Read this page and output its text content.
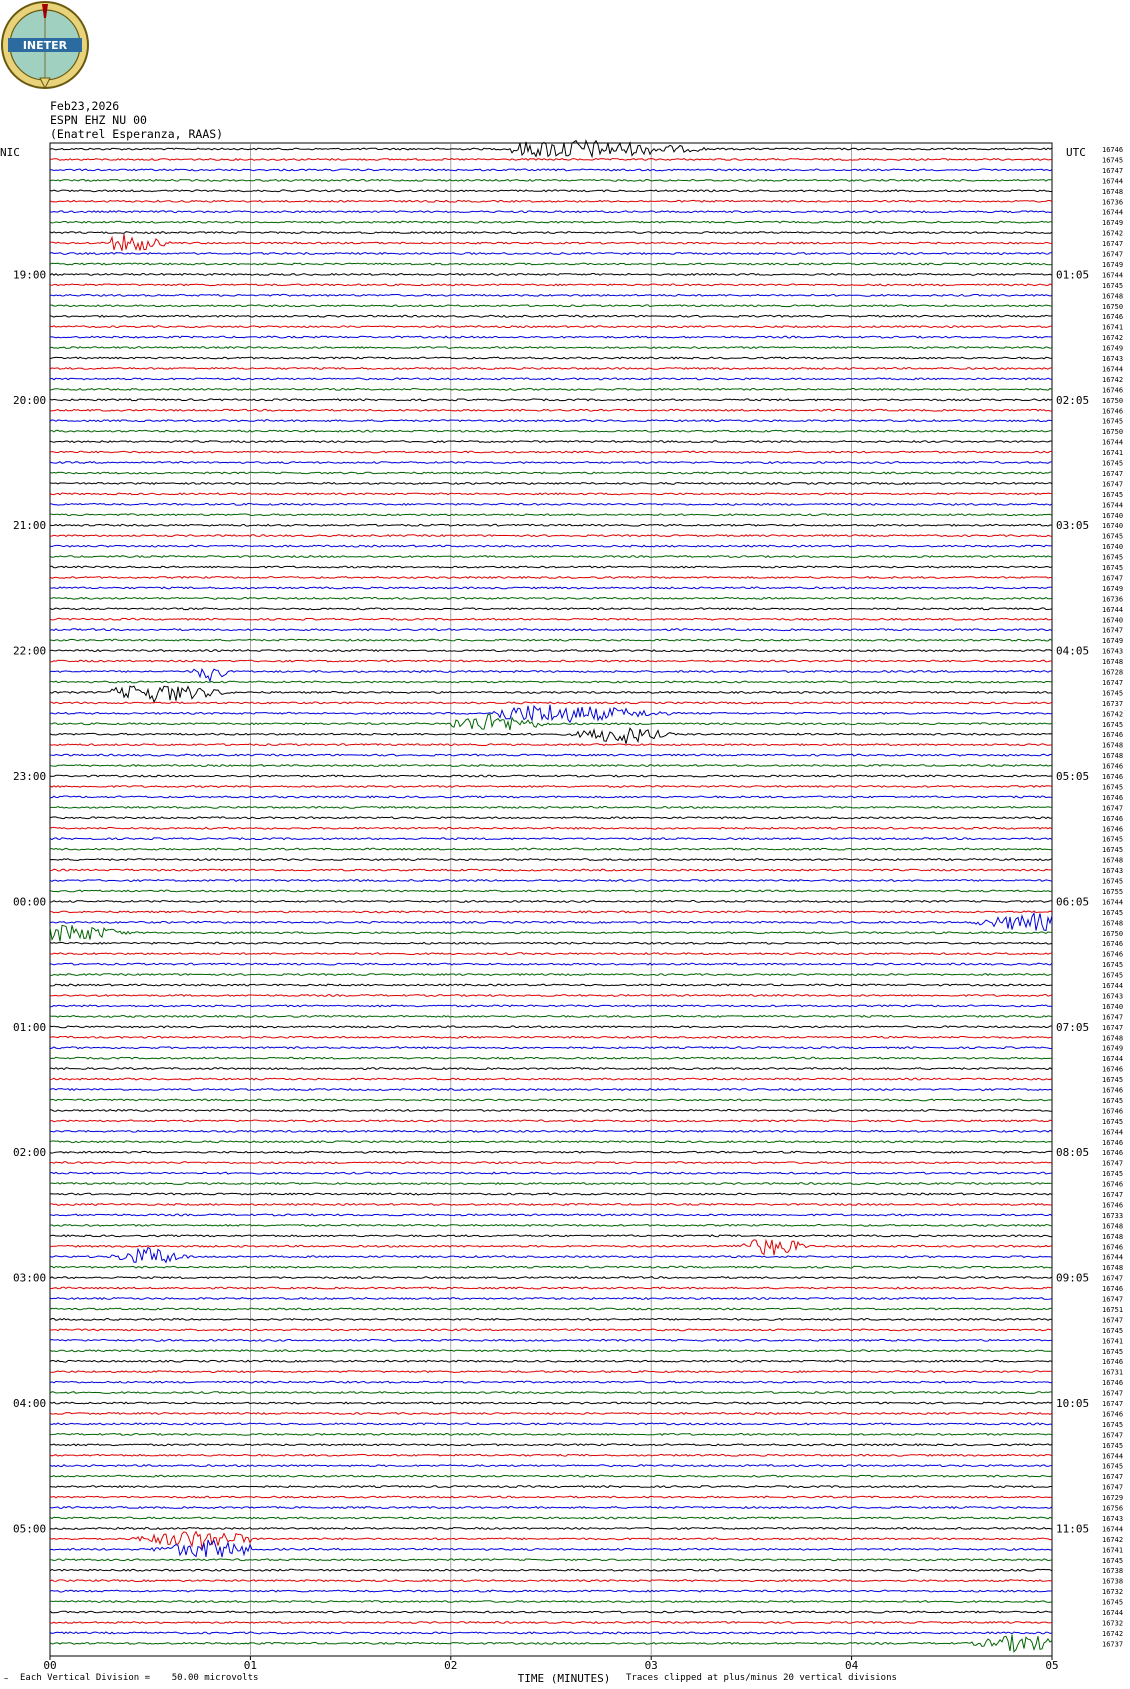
INETER
Feb23,2026
ESPN EHZ NU 00
(Enatrel Esperanza, RAAS)
NIC	UTC
19:00
20:00
21:00
22:00
23:00
00:00
01:00
02:00
03:00
04:00
05:00
01:05
02:05
03:05
04:05
05:05
06:05
07:05
08:05
09:05
10:05
11:05
16746
16745
16747
16744
16748
16736
16744
16749
16742
16747
16747
16749
16744
16745
16748
16750
16746
16741
16742
16749
16743
16744
16742
16746
16750
16746
16745
16750
16744
16741
16745
16747
16747
16745
16744
16740
16740
16745
16740
16745
16745
16747
16749
16736
16744
16740
16747
16749
16743
16748
16728
16747
16745
16737
16742
16745
16746
16748
16748
16746
16746
16745
16746
16747
16746
16746
16745
16745
16748
16743
16745
16755
16744
16745
16748
16750
16746
16746
16745
16745
16744
16743
16740
16747
16747
16748
16749
16744
16746
16745
16746
16745
16746
16745
16744
16746
16746
16747
16745
16746
16747
16746
16733
16748
16748
16746
16744
16748
16747
16746
16747
16751
16747
16745
16741
16745
16746
16731
16746
16747
16747
16746
16745
16747
16745
16744
16745
16747
16747
16729
16756
16743
16744
16742
16741
16745
16738
16738
16732
16745
16744
16732
16742
16737
00	01	02	03	04	05
TIME (MINUTES)
~ Each Vertical Division =    50.00 microvolts	Traces clipped at plus/minus 20 vertical divisions
